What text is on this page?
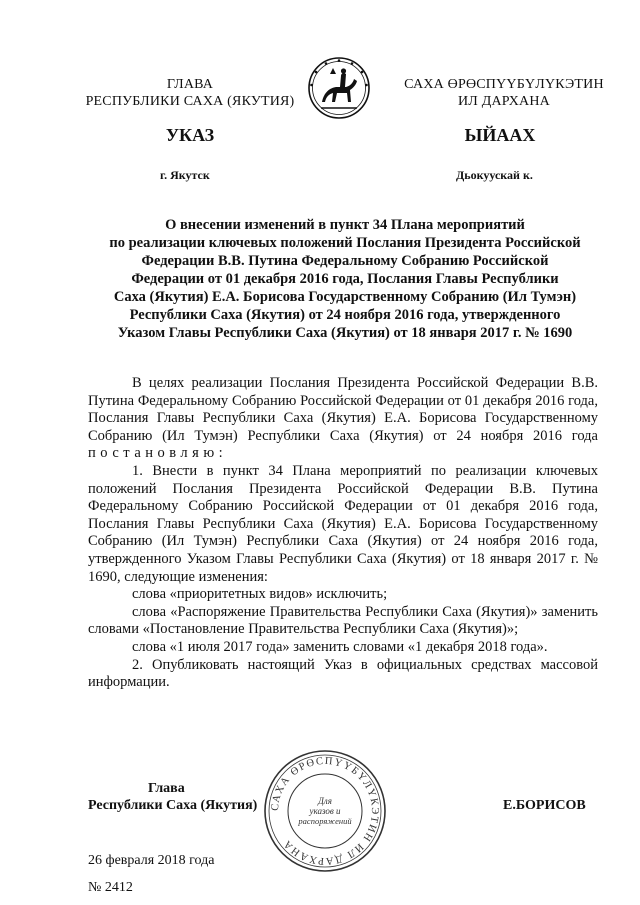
ГЛАВА
РЕСПУБЛИКИ САХА (ЯКУТИЯ)
САХА ӨРӨСПҮҮБҮЛҮКЭТИН
ИЛ ДАРХАНА
УКАЗ	ЫЙААХ
г. Якутск	Дьокуускай к.
О внесении изменений в пункт 34 Плана мероприятий
по реализации ключевых положений Послания Президента Российской
Федерации В.В. Путина Федеральному Собранию Российской
Федерации от 01 декабря 2016 года, Послания Главы Республики
Саха (Якутия) Е.А. Борисова Государственному Собранию (Ил Тумэн)
Республики Саха (Якутия) от 24 ноября 2016 года, утвержденного
Указом Главы Республики Саха (Якутия) от 18 января 2017 г. № 1690

В целях реализации Послания Президента Российской Федерации В.В. Путина Федеральному Собранию Российской Федерации от 01 декабря 2016 года, Послания Главы Республики Саха (Якутия) Е.А. Борисова Государственному Собранию (Ил Тумэн) Республики Саха (Якутия) от 24 ноября 2016 года постановляю:

1. Внести в пункт 34 Плана мероприятий по реализации ключевых положений Послания Президента Российской Федерации В.В. Путина Федеральному Собранию Российской Федерации от 01 декабря 2016 года, Послания Главы Республики Саха (Якутия) Е.А. Борисова Государственному Собранию (Ил Тумэн) Республики Саха (Якутия) от 24 ноября 2016 года, утвержденного Указом Главы Республики Саха (Якутия) от 18 января 2017 г. № 1690, следующие изменения:

слова «приоритетных видов» исключить;

слова «Распоряжение Правительства Республики Саха (Якутия)» заменить словами «Постановление Правительства Республики Саха (Якутия)»;

слова «1 июля 2017 года» заменить словами «1 декабря 2018 года».

2. Опубликовать настоящий Указ в официальных средствах массовой информации.

Глава
Республики Саха (Якутия)	САХА ӨРӨСПҮҮБҮЛҮКЭТИН ИЛ ДАРХАНА
Для
указов и
распоряжений
Е.БОРИСОВ
26 февраля 2018 года
№ 2412
